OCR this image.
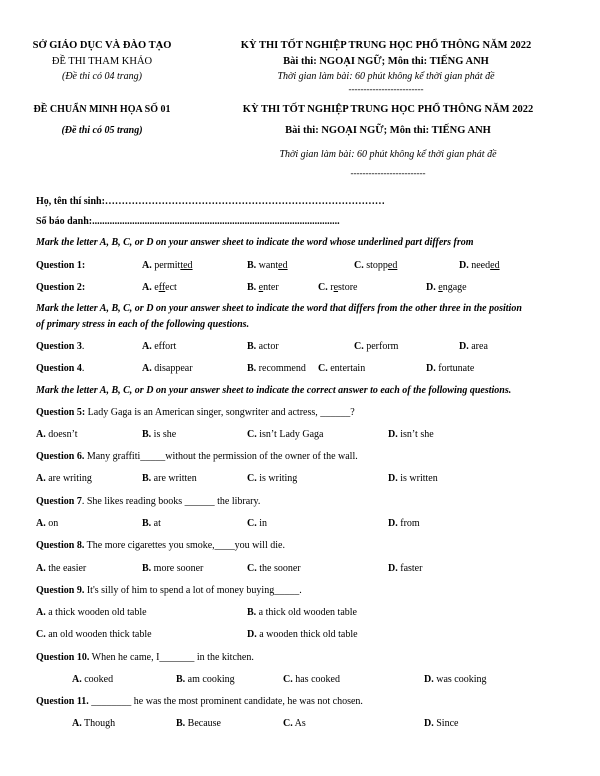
SỞ GIÁO DỤC VÀ ĐÀO TẠO
ĐỀ THI THAM KHẢO
(Đề thi có 04 trang)
KỲ THI TỐT NGHIỆP TRUNG HỌC PHỔ THÔNG NĂM 2022
Bài thi: NGOẠI NGỮ; Môn thi: TIẾNG ANH
Thời gian làm bài: 60 phút không kể thời gian phát đề
-------------------------
ĐỀ CHUẨN MINH HỌA SỐ 01
(Đề thi có 05 trang)
KỲ THI TỐT NGHIỆP TRUNG HỌC PHỔ THÔNG NĂM 2022
Bài thi: NGOẠI NGỮ; Môn thi: TIẾNG ANH
Thời gian làm bài: 60 phút không kể thời gian phát đề
-------------------------
Họ, tên thí sinh:…………………………………………………………………………
Số báo danh:...................................................................................................
Mark the letter A, B, C, or D on your answer sheet to indicate the word whose underlined part differs from
Question 1:	A. permitted	B. wanted	C. stopped	D. needed
Question 2:	A. effect	B. enter	C. restore	D. engage
Mark the letter A, B, C, or D on your answer sheet to indicate the word that differs from the other three in the position
of primary stress in each of the following questions.
Question 3.	A. effort	B. actor	C. perform	D. area
Question 4.	A. disappear	B. recommend C. entertain	D. fortunate
Mark the letter A, B, C, or D on your answer sheet to indicate the correct answer to each of the following questions.
Question 5: Lady Gaga is an American singer, songwriter and actress, ______?
A. doesn’t	B. is she	C. isn’t Lady Gaga	D. isn’t she
Question 6. Many graffiti_____without the permission of the owner of the wall.
A. are writing	B. are written	C. is writing	D. is written
Question 7. She likes reading books ______ the library.
A. on	B. at	C. in	D. from
Question 8. The more cigarettes you smoke,____you will die.
A. the easier	B. more sooner	C. the sooner	D. faster
Question 9. It's silly of him to spend a lot of money buying_____.
A. a thick wooden old table	B. a thick old wooden table
C. an old wooden thick table	D. a wooden thick old table
Question 10. When he came, I_______ in the kitchen.
A. cooked	B. am cooking	C. has cooked	D. was cooking
Question 11. ________ he was the most prominent candidate, he was not chosen.
A. Though	B. Because	C. As	D. Since
